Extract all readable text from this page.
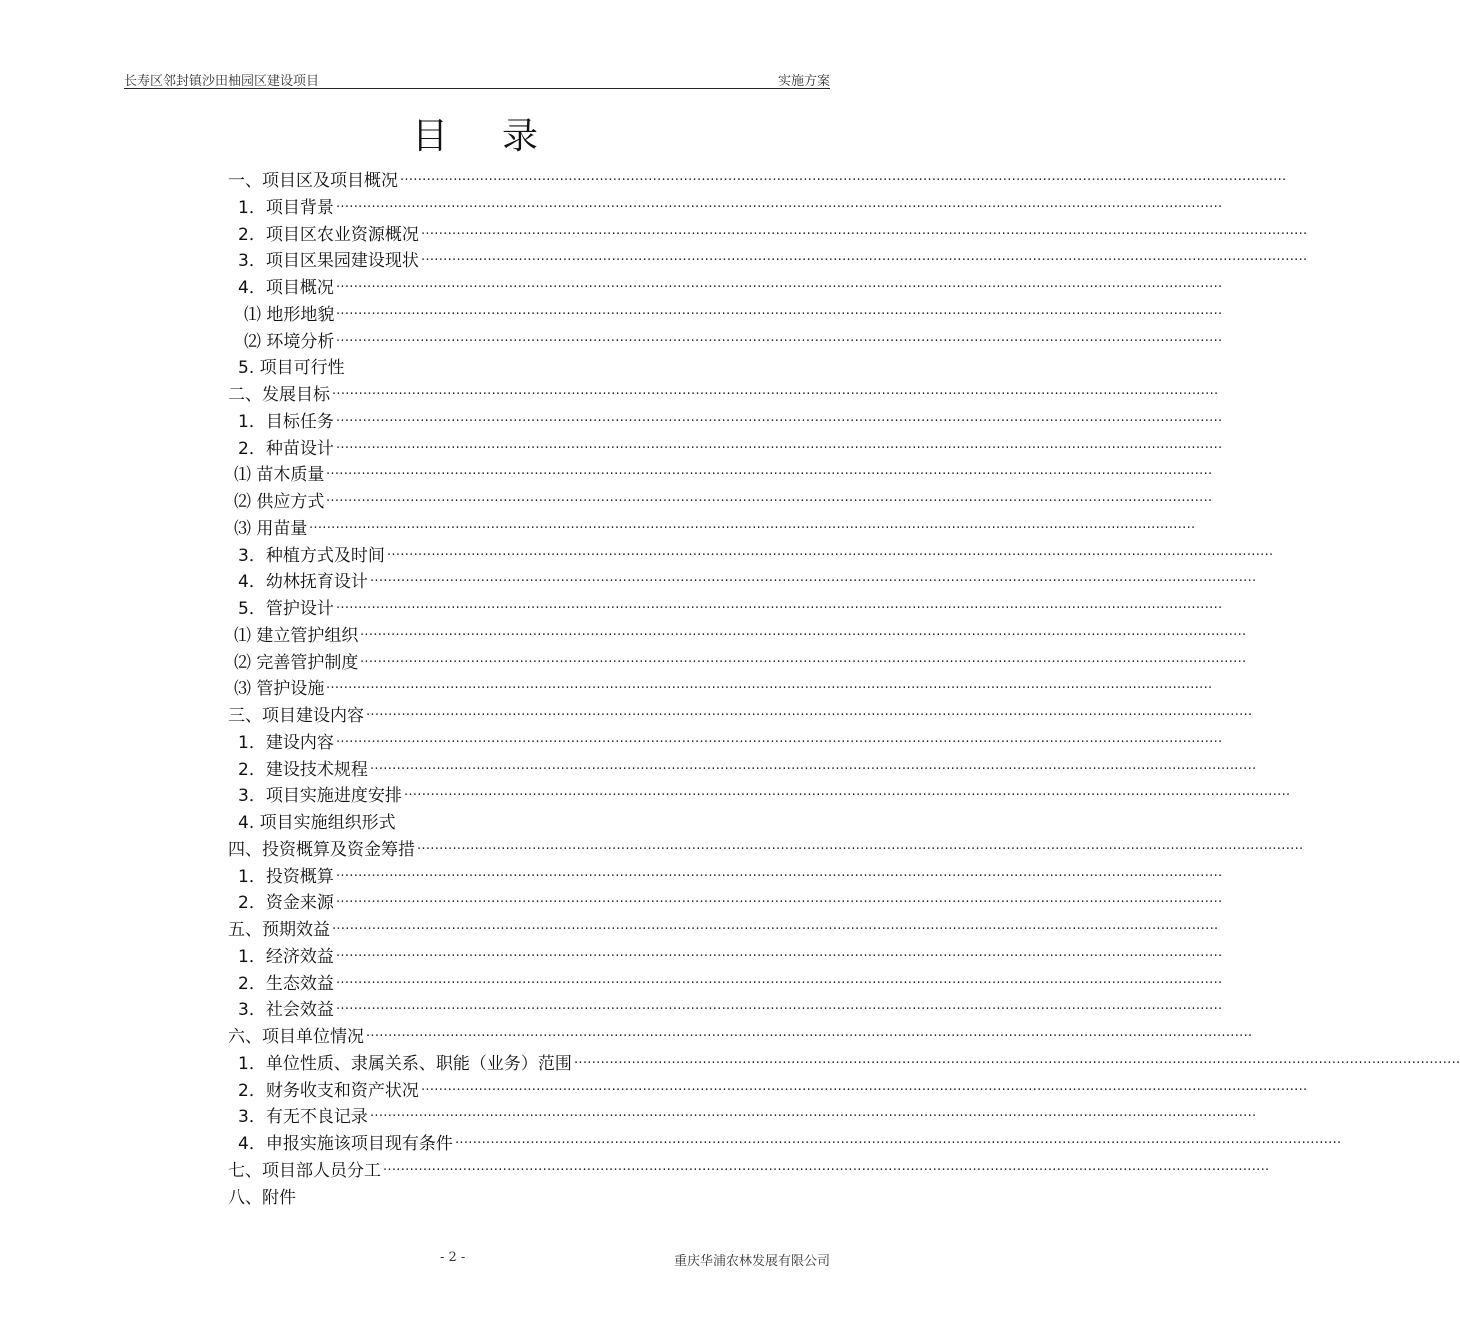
长寿区邻封镇沙田柚园区建设项目	实施方案
目录
一、项目区及项目概况 ········································································································································································································
1．项目背景 ········································································································································································································
2．项目区农业资源概况 ········································································································································································································
3．项目区果园建设现状 ········································································································································································································
4．项目概况 ········································································································································································································
⑴ 地形地貌 ········································································································································································································
⑵ 环境分析 ········································································································································································································
5. 项目可行性
二、发展目标 ········································································································································································································
1．目标任务 ········································································································································································································
2．种苗设计 ········································································································································································································
⑴ 苗木质量 ········································································································································································································
⑵ 供应方式 ········································································································································································································
⑶ 用苗量 ········································································································································································································
3．种植方式及时间 ········································································································································································································
4．幼林抚育设计 ········································································································································································································
5．管护设计 ········································································································································································································
⑴ 建立管护组织 ········································································································································································································
⑵ 完善管护制度 ········································································································································································································
⑶ 管护设施 ········································································································································································································
三、项目建设内容 ········································································································································································································
1．建设内容 ········································································································································································································
2．建设技术规程 ········································································································································································································
3．项目实施进度安排 ········································································································································································································
4. 项目实施组织形式
四、投资概算及资金筹措 ········································································································································································································
1．投资概算 ········································································································································································································
2．资金来源 ········································································································································································································
五、预期效益 ········································································································································································································
1．经济效益 ········································································································································································································
2．生态效益 ········································································································································································································
3．社会效益 ········································································································································································································
六、项目单位情况 ········································································································································································································
1．单位性质、隶属关系、职能（业务）范围 ········································································································································································································
2．财务收支和资产状况 ········································································································································································································
3．有无不良记录 ········································································································································································································
4．申报实施该项目现有条件 ········································································································································································································
七、项目部人员分工 ········································································································································································································
八、附件
- 2 -	重庆华浦农林发展有限公司
